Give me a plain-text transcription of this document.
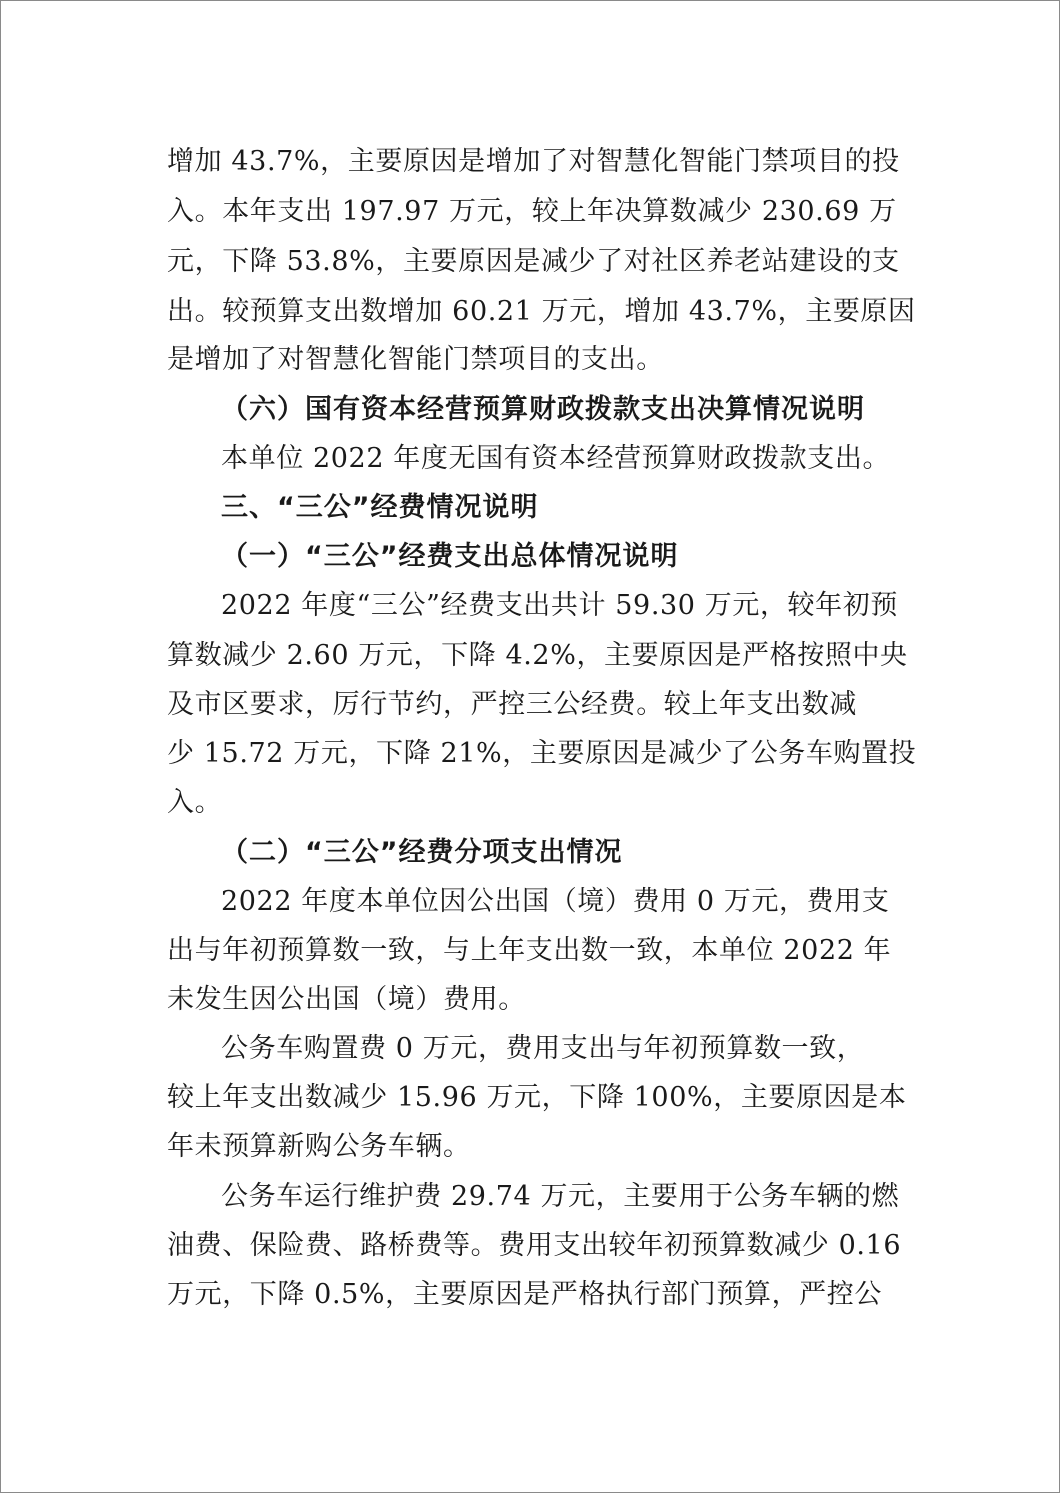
增加 43.7%，主要原因是增加了对智慧化智能门禁项目的投
入。本年支出 197.97 万元，较上年决算数减少 230.69 万
元，下降 53.8%，主要原因是减少了对社区养老站建设的支
出。较预算支出数增加 60.21 万元，增加 43.7%，主要原因
是增加了对智慧化智能门禁项目的支出。
（六）国有资本经营预算财政拨款支出决算情况说明
本单位 2022 年度无国有资本经营预算财政拨款支出。
三、“三公”经费情况说明
（一）“三公”经费支出总体情况说明
2022 年度“三公”经费支出共计 59.30 万元，较年初预
算数减少 2.60 万元，下降 4.2%，主要原因是严格按照中央
及市区要求，厉行节约，严控三公经费。较上年支出数减
少 15.72 万元，下降 21%，主要原因是减少了公务车购置投
入。
（二）“三公”经费分项支出情况
2022 年度本单位因公出国（境）费用 0 万元，费用支
出与年初预算数一致，与上年支出数一致，本单位 2022 年
未发生因公出国（境）费用。
公务车购置费 0 万元，费用支出与年初预算数一致，
较上年支出数减少 15.96 万元，下降 100%，主要原因是本
年未预算新购公务车辆。
公务车运行维护费 29.74 万元，主要用于公务车辆的燃
油费、保险费、路桥费等。费用支出较年初预算数减少 0.16
万元，下降 0.5%，主要原因是严格执行部门预算，严控公
